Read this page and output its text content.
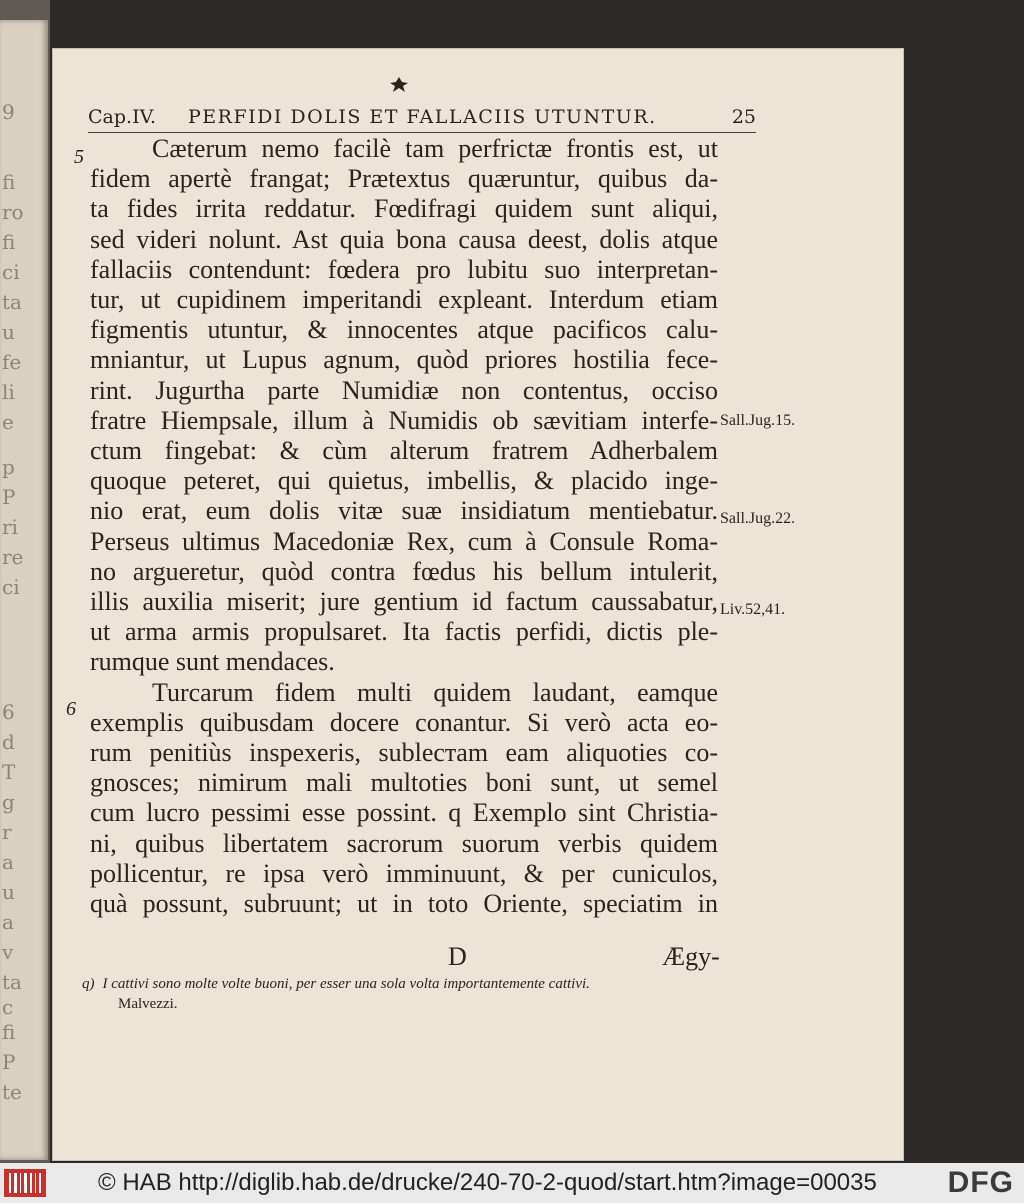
9
fi
ro
fi
ci
ta
u
fe
li
e
p
P
ri
re
ci
6
d
T
g
r
a
u
a
v
ta
c
fi
P
te
Cap.IV. PERFIDI DOLIS ET FALLACIIS UTUNTUR.	25
5
6
Cæterum nemo facilè tam perfrictæ frontis est, ut
fidem apertè frangat; Prætextus quæruntur, quibus da-
ta fides irrita reddatur. Fœdifragi quidem sunt aliqui,
sed videri nolunt. Ast quia bona causa deest, dolis atque
fallaciis contendunt: fœdera pro lubitu suo interpretan-
tur, ut cupidinem imperitandi expleant. Interdum etiam
figmentis utuntur, & innocentes atque pacificos calu-
mniantur, ut Lupus agnum, quòd priores hostilia fece-
rint. Jugurtha parte Numidiæ non contentus, occiso
fratre Hiempsale, illum à Numidis ob sævitiam interfe-
ctum fingebat: & cùm alterum fratrem Adherbalem
quoque peteret, qui quietus, imbellis, & placido inge-
nio erat, eum dolis vitæ suæ insidiatum mentiebatur.
Perseus ultimus Macedoniæ Rex, cum à Consule Roma-
no argueretur, quòd contra fœdus his bellum intulerit,
illis auxilia miserit; jure gentium id factum caussabatur,
ut arma armis propulsaret. Ita factis perfidi, dictis ple-
rumque sunt mendaces.
Turcarum fidem multi quidem laudant, eamque
exemplis quibusdam docere conantur. Si verò acta eo-
rum penitiùs inspexeris, subleстam eam aliquoties co-
gnosces; nimirum mali multoties boni sunt, ut semel
cum lucro pessimi esse possint. q Exemplo sint Christia-
ni, quibus libertatem sacrorum suorum verbis quidem
pollicentur, re ipsa verò imminuunt, & per cuniculos,
quà possunt, subruunt; ut in toto Oriente, speciatim in
Sall.Jug.15.
Sall.Jug.22.
Liv.52,41.
D	Ægy-
q) I cattivi sono molte volte buoni, per esser una sola volta importantemente cattivi.
Malvezzi.
© HAB http://diglib.hab.de/drucke/240-70-2-quod/start.htm?image=00035 DFG
